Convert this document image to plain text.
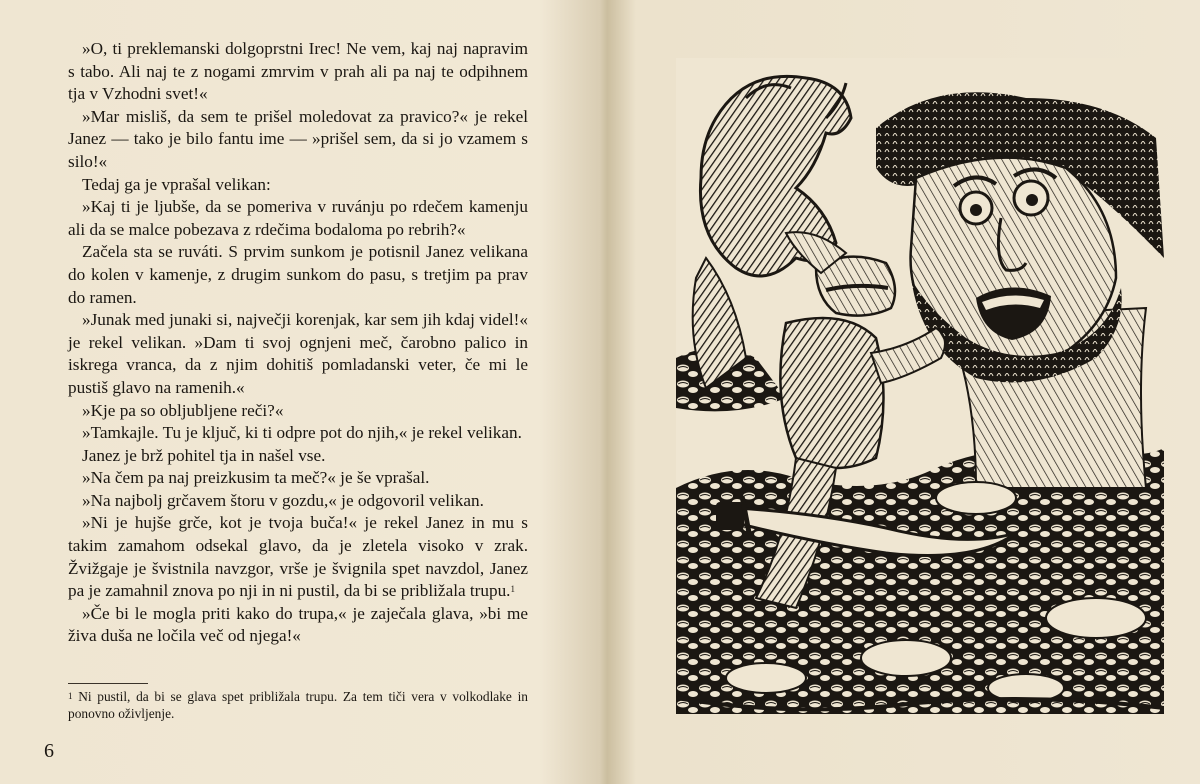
»O, ti preklemanski dolgoprstni Irec! Ne vem, kaj naj napravim s tabo. Ali naj te z nogami zmrvim v prah ali pa naj te odpihnem tja v Vzhodni svet!«

»Mar misliš, da sem te prišel moledovat za pravico?« je rekel Janez — tako je bilo fantu ime — »prišel sem, da si jo vzamem s silo!«

Tedaj ga je vprašal velikan:

»Kaj ti je ljubše, da se pomeriva v ruvánju po rdečem kamenju ali da se malce pobezava z rdečima bodaloma po rebrih?«

Začela sta se ruváti. S prvim sunkom je potisnil Janez velikana do kolen v kamenje, z drugim sunkom do pasu, s tretjim pa prav do ramen.

»Junak med junaki si, največji korenjak, kar sem jih kdaj videl!« je rekel velikan. »Dam ti svoj ognjeni meč, čarobno palico in iskrega vranca, da z njim dohitiš pomladanski veter, če mi le pustiš glavo na ramenih.«

»Kje pa so obljubljene reči?«

»Tamkajle. Tu je ključ, ki ti odpre pot do njih,« je rekel velikan.

Janez je brž pohitel tja in našel vse.

»Na čem pa naj preizkusim ta meč?« je še vprašal.

»Na najbolj grčavem štoru v gozdu,« je odgovoril velikan.

»Ni je hujše grče, kot je tvoja buča!« je rekel Janez in mu s takim zamahom odsekal glavo, da je zletela visoko v zrak. Žvižgaje je švistnila navzgor, vrše je švignila spet navzdol, Janez pa je zamahnil znova po nji in ni pustil, da bi se približala trupu.$^1$

»Če bi le mogla priti kako do trupa,« je zaječala glava, »bi me živa duša ne ločila več od njega!«

$^1$ Ni pustil, da bi se glava spet približala trupu. Za tem tiči vera v volkodlake in ponovno oživljenje.
6
